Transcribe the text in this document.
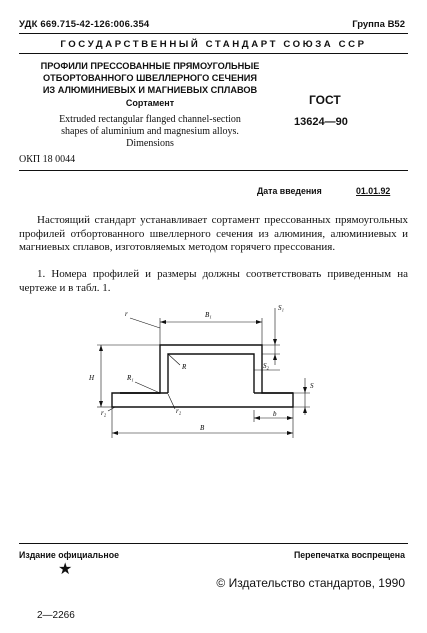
УДК 669.715-42-126:006.354	Группа В52
ГОСУДАРСТВЕННЫЙ СТАНДАРТ СОЮЗА ССР
ПРОФИЛИ ПРЕССОВАННЫЕ ПРЯМОУГОЛЬНЫЕ
ОТБОРТОВАННОГО ШВЕЛЛЕРНОГО СЕЧЕНИЯ
ИЗ АЛЮМИНИЕВЫХ И МАГНИЕВЫХ СПЛАВОВ
Сортамент
Extruded rectangular flanged channel-section
shapes of aluminium and magnesium alloys.
Dimensions
ГОСТ
13624—90
ОКП 18 0044
Дата введения	01.01.92
Настоящий стандарт устанавливает сортамент прессованных прямоугольных профилей отбортованного швеллерного сечения из алюминия, алюминиевых и магниевых сплавов, изготовляемых методом горячего прессования.
1. Номера профилей и размеры должны соответствовать приведенным на чертеже и в табл. 1.
r	B₁
S₁
R
H
S₂
R₁
S
r₂	r₂	b
B
Издание официальное
★
Перепечатка воспрещена
© Издательство стандартов, 1990
2—2266
